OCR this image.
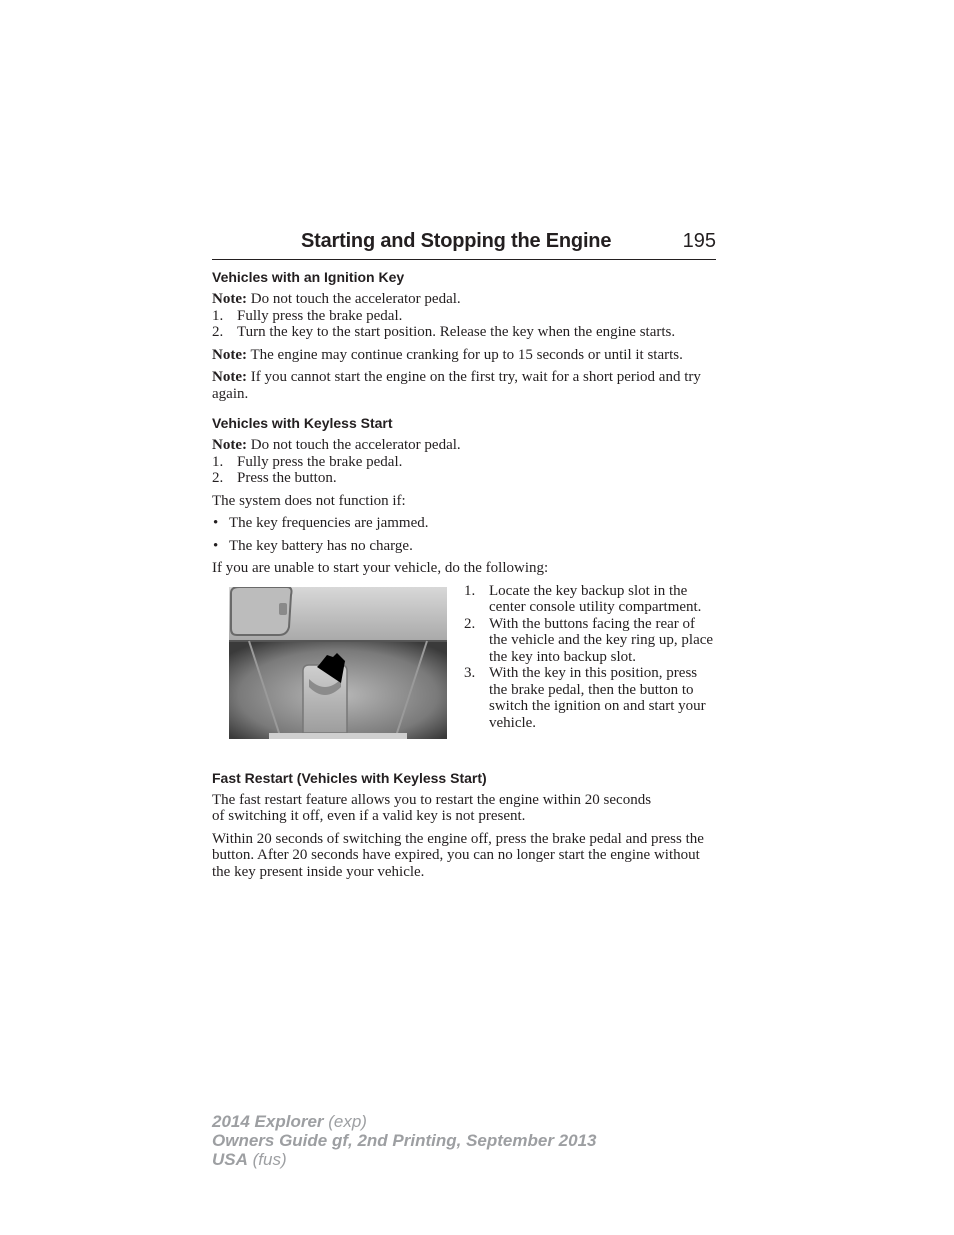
Starting and Stopping the Engine	195
Vehicles with an Ignition Key

Note: Do not touch the accelerator pedal.

1. Fully press the brake pedal.
2. Turn the key to the start position. Release the key when the engine starts.

Note: The engine may continue cranking for up to 15 seconds or until it starts.

Note: If you cannot start the engine on the first try, wait for a short period and try again.

Vehicles with Keyless Start

Note: Do not touch the accelerator pedal.

1. Fully press the brake pedal.
2. Press the button.

The system does not function if:

• The key frequencies are jammed.
• The key battery has no charge.

If you are unable to start your vehicle, do the following:

1. Locate the key backup slot in the center console utility compartment.
2. With the buttons facing the rear of the vehicle and the key ring up, place the key into backup slot.
3. With the key in this position, press the brake pedal, then the button to switch the ignition on and start your vehicle.
Fast Restart (Vehicles with Keyless Start)

The fast restart feature allows you to restart the engine within 20 seconds of switching it off, even if a valid key is not present.

Within 20 seconds of switching the engine off, press the brake pedal and press the button. After 20 seconds have expired, you can no longer start the engine without the key present inside your vehicle.

2014 Explorer (exp)
Owners Guide gf, 2nd Printing, September 2013
USA (fus)
